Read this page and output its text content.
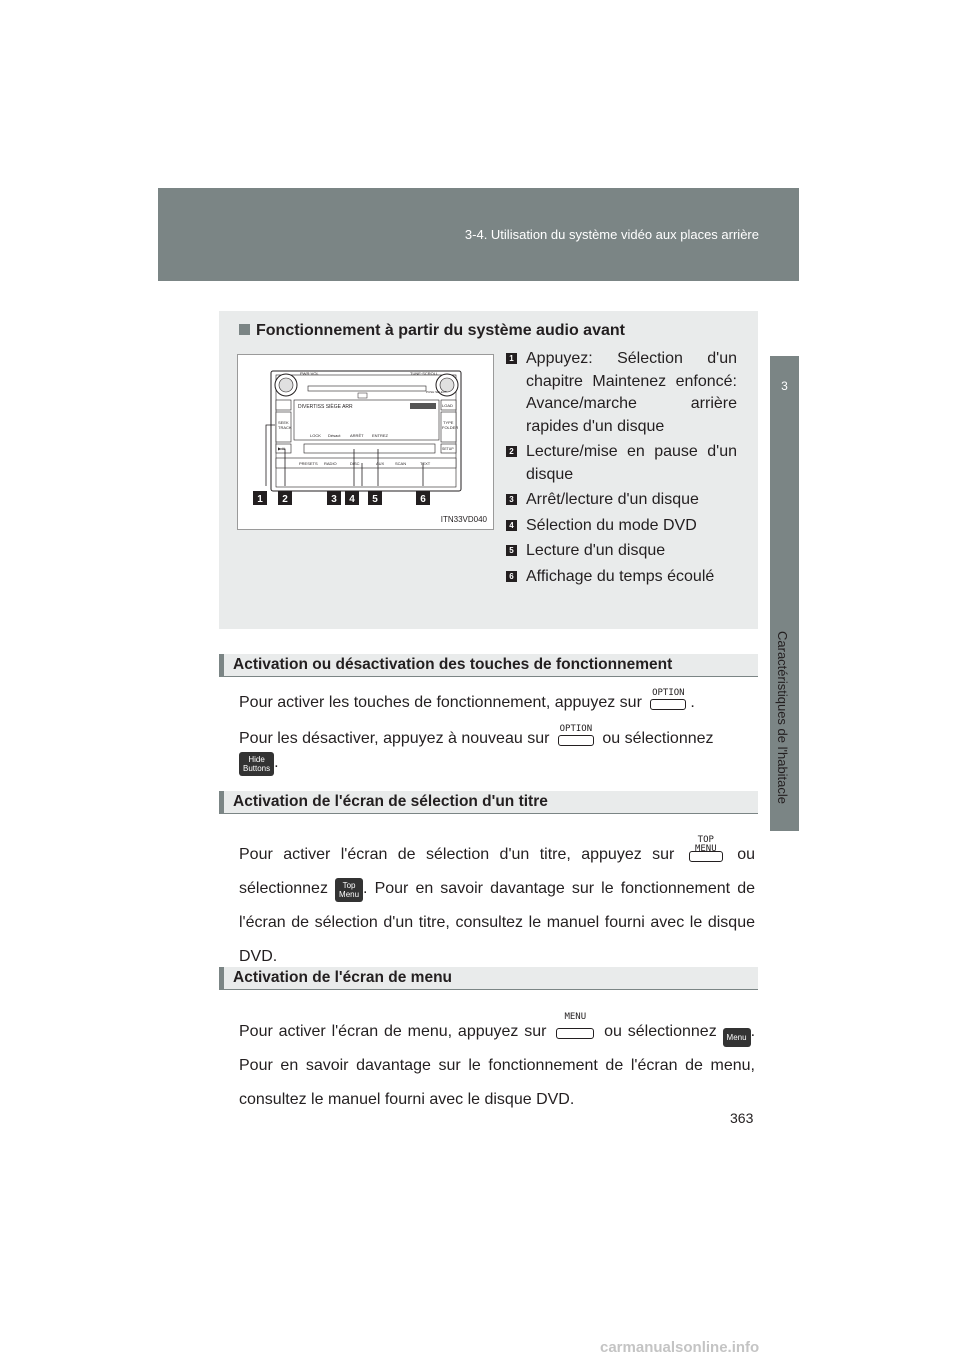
3-4. Utilisation du système vidéo aux places arrière
3
Caractéristiques de l'habitacle
Fonctionnement à partir du système audio avant
PWR·VOL	TUNE·SCROLL
PUSH SELECT
SEEK
TRACK
▶·II
DIVERTISS SIÈGE ARR
LOCK Désact ARRÊT ENTREZ
LOAD
TYPE
FOLDER
SETUP
PRESETS RADIO	DISC	AUX	SCAN	TEXT
1 2	3 4 5	6
ITN33VD040
1 Appuyez: Sélection d'un chapitre Maintenez enfoncé: Avance/marche arrière rapides d'un disque
2 Lecture/mise en pause d'un disque
3 Arrêt/lecture d'un disque
4 Sélection du mode DVD
5 Lecture d'un disque
6 Affichage du temps écoulé
Activation ou désactivation des touches de fonctionnement
Pour activer les touches de fonctionnement, appuyez sur
OPTION
.
Pour les désactiver, appuyez à nouveau sur
OPTION
ou sélectionnez
Hide
Buttons .
Activation de l'écran de sélection d'un titre
Pour activer l'écran de sélection d'un titre, appuyez sur
TOP MENU	ou sélectionnez Top
Menu . Pour en savoir davantage sur le fonctionnement de l'écran de sélection d'un titre, consultez le manuel fourni avec le disque DVD.
Activation de l'écran de menu
Pour activer l'écran de menu, appuyez sur
MENU
ou sélectionnez Menu . Pour en savoir davantage sur le fonctionnement de l'écran de menu, consultez le manuel fourni avec le disque DVD.
363
carmanualsonline.info
